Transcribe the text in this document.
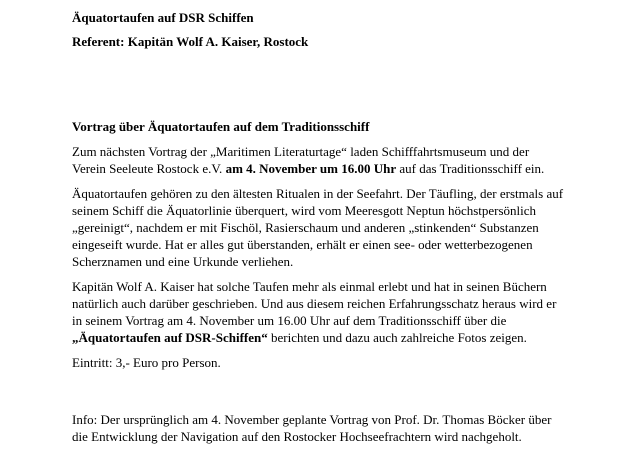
Äquatortaufen auf DSR Schiffen
Referent: Kapitän Wolf A. Kaiser, Rostock
Vortrag über Äquatortaufen auf dem Traditionsschiff
Zum nächsten Vortrag der „Maritimen Literaturtage“ laden Schifffahrtsmuseum und der
Verein Seeleute Rostock e.V. am 4. November um 16.00 Uhr auf das Traditionsschiff ein.
Äquatortaufen gehören zu den ältesten Ritualen in der Seefahrt. Der Täufling, der erstmals auf
seinem Schiff die Äquatorlinie überquert, wird vom Meeresgott Neptun höchstpersönlich
„gereinigt“, nachdem er mit Fischöl, Rasierschaum und anderen „stinkenden“ Substanzen
eingeseift wurde. Hat er alles gut überstanden, erhält er einen see- oder wetterbezogenen
Scherznamen und eine Urkunde verliehen.
Kapitän Wolf A. Kaiser hat solche Taufen mehr als einmal erlebt und hat in seinen Büchern
natürlich auch darüber geschrieben. Und aus diesem reichen Erfahrungsschatz heraus wird er
in seinem Vortrag am 4. November um 16.00 Uhr auf dem Traditionsschiff über die
„Äquatortaufen auf DSR-Schiffen“ berichten und dazu auch zahlreiche Fotos zeigen.
Eintritt: 3,- Euro pro Person.
Info: Der ursprünglich am 4. November geplante Vortrag von Prof. Dr. Thomas Böcker über
die Entwicklung der Navigation auf den Rostocker Hochseefrachtern wird nachgeholt.
